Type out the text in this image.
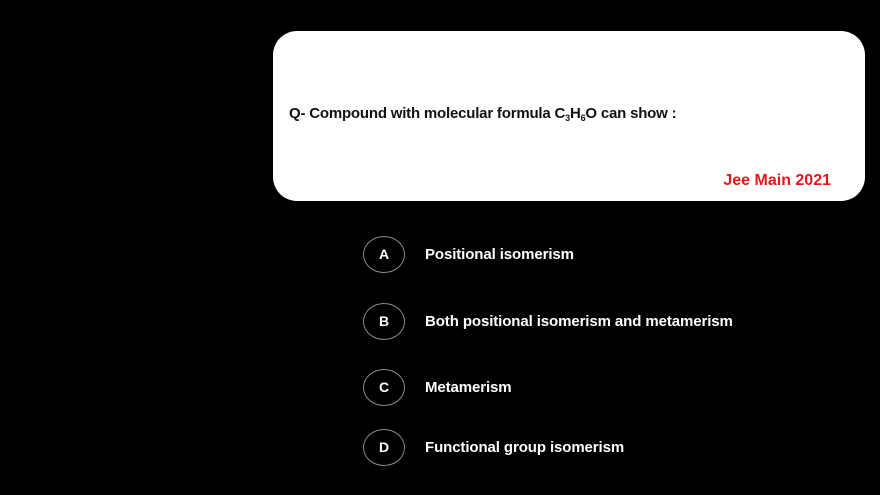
Q- Compound with molecular formula $C_3H_6O$ can show :
Jee Main 2021
A	Positional isomerism
B	Both positional isomerism and metamerism
C	Metamerism
D	Functional group isomerism
